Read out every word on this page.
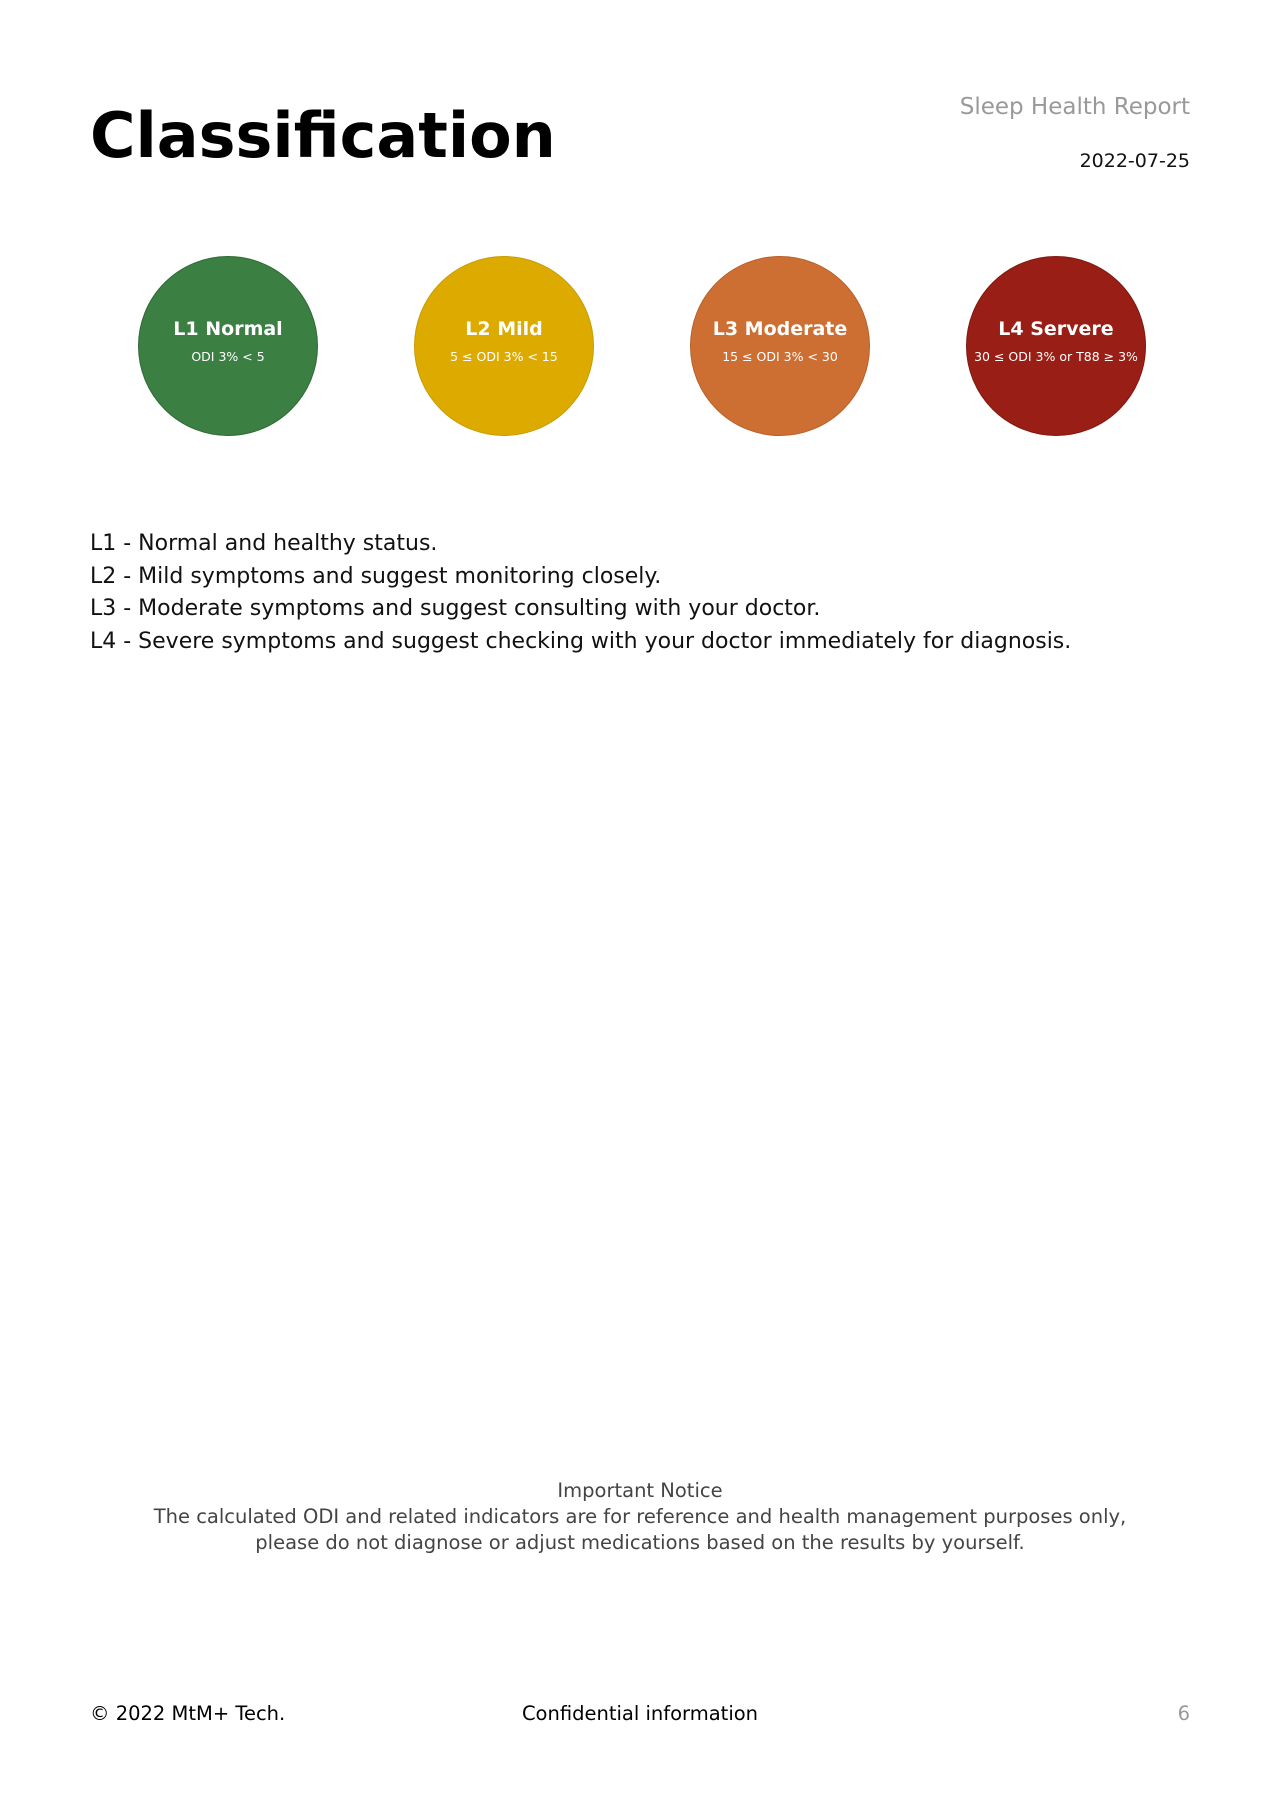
Classification	Sleep Health Report
2022-07-25
L1 Normal
ODI 3% < 5
L2 Mild
5 ≤ ODI 3% < 15
L3 Moderate
15 ≤ ODI 3% < 30
L4 Servere
30 ≤ ODI 3% or T88 ≥ 3%
L1 - Normal and healthy status.
L2 - Mild symptoms and suggest monitoring closely.
L3 - Moderate symptoms and suggest consulting with your doctor.
L4 - Severe symptoms and suggest checking with your doctor immediately for diagnosis.
Important Notice
The calculated ODI and related indicators are for reference and health management purposes only,
please do not diagnose or adjust medications based on the results by yourself.
© 2022 MtM+ Tech.	Confidential information	6
